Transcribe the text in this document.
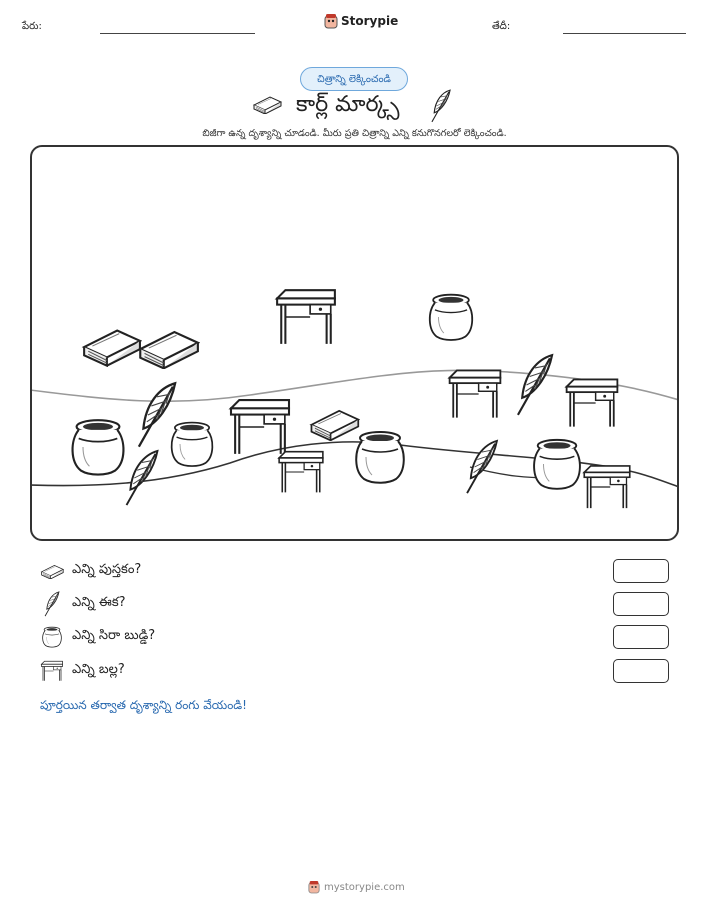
పేరు:	Storypie	తేదీ:
చిత్రాన్ని లెక్కించండి
కార్ల్ మార్క్స
బిజీగా ఉన్న దృశ్యాన్ని చూడండి. మీరు ప్రతి చిత్రాన్ని ఎన్ని కనుగొనగలరో లెక్కించండి.
ఎన్ని పుస్తకం?
ఎన్ని ఈక?
ఎన్ని సిరా బుడ్డి?
ఎన్ని బల్ల?
పూర్తయిన తర్వాత దృశ్యాన్ని రంగు వేయండి!
mystorypie.com
